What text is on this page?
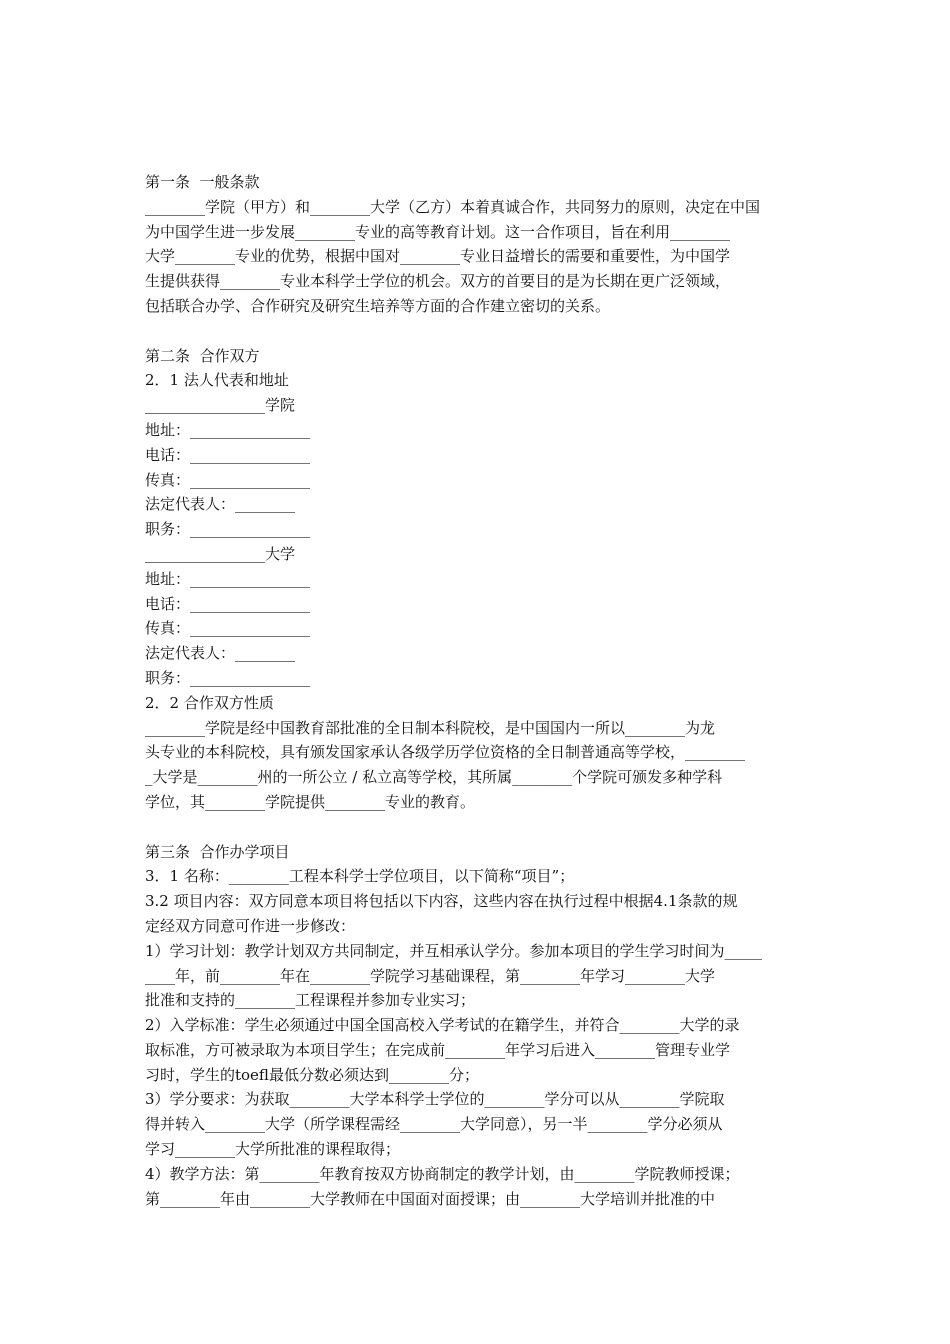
第一条  一般条款
________学院（甲方）和________大学（乙方）本着真诚合作，共同努力的原则，决定在中国
为中国学生进一步发展________专业的高等教育计划。这一合作项目，旨在利用________
大学________专业的优势，根据中国对________专业日益增长的需要和重要性，为中国学
生提供获得________专业本科学士学位的机会。双方的首要目的是为长期在更广泛领域，
包括联合办学、合作研究及研究生培养等方面的合作建立密切的关系。
第二条  合作双方
2．1 法人代表和地址
________________学院
地址：________________
电话：________________
传真：________________
法定代表人：________
职务：________________
________________大学
地址：________________
电话：________________
传真：________________
法定代表人：________
职务：________________
2．2 合作双方性质
________学院是经中国教育部批准的全日制本科院校，是中国国内一所以________为龙
头专业的本科院校，具有颁发国家承认各级学历学位资格的全日制普通高等学校，________
_大学是________州的一所公立 / 私立高等学校，其所属________个学院可颁发多种学科
学位，其________学院提供________专业的教育。
第三条  合作办学项目
3．1 名称：________工程本科学士学位项目，以下简称“项目”；
3.2 项目内容：双方同意本项目将包括以下内容，这些内容在执行过程中根据4.1条款的规
定经双方同意可作进一步修改：
1）学习计划：教学计划双方共同制定，并互相承认学分。参加本项目的学生学习时间为_____
____年，前________年在________学院学习基础课程，第________年学习________大学
批准和支持的________工程课程并参加专业实习；
2）入学标准：学生必须通过中国全国高校入学考试的在籍学生，并符合________大学的录
取标准，方可被录取为本项目学生；在完成前________年学习后进入________管理专业学
习时，学生的toefl最低分数必须达到________分；
3）学分要求：为获取________大学本科学士学位的________学分可以从________学院取
得并转入________大学（所学课程需经________大学同意），另一半________学分必须从
学习________大学所批准的课程取得；
4）教学方法：第________年教育按双方协商制定的教学计划，由________学院教师授课；
第________年由________大学教师在中国面对面授课；由________大学培训并批准的中
